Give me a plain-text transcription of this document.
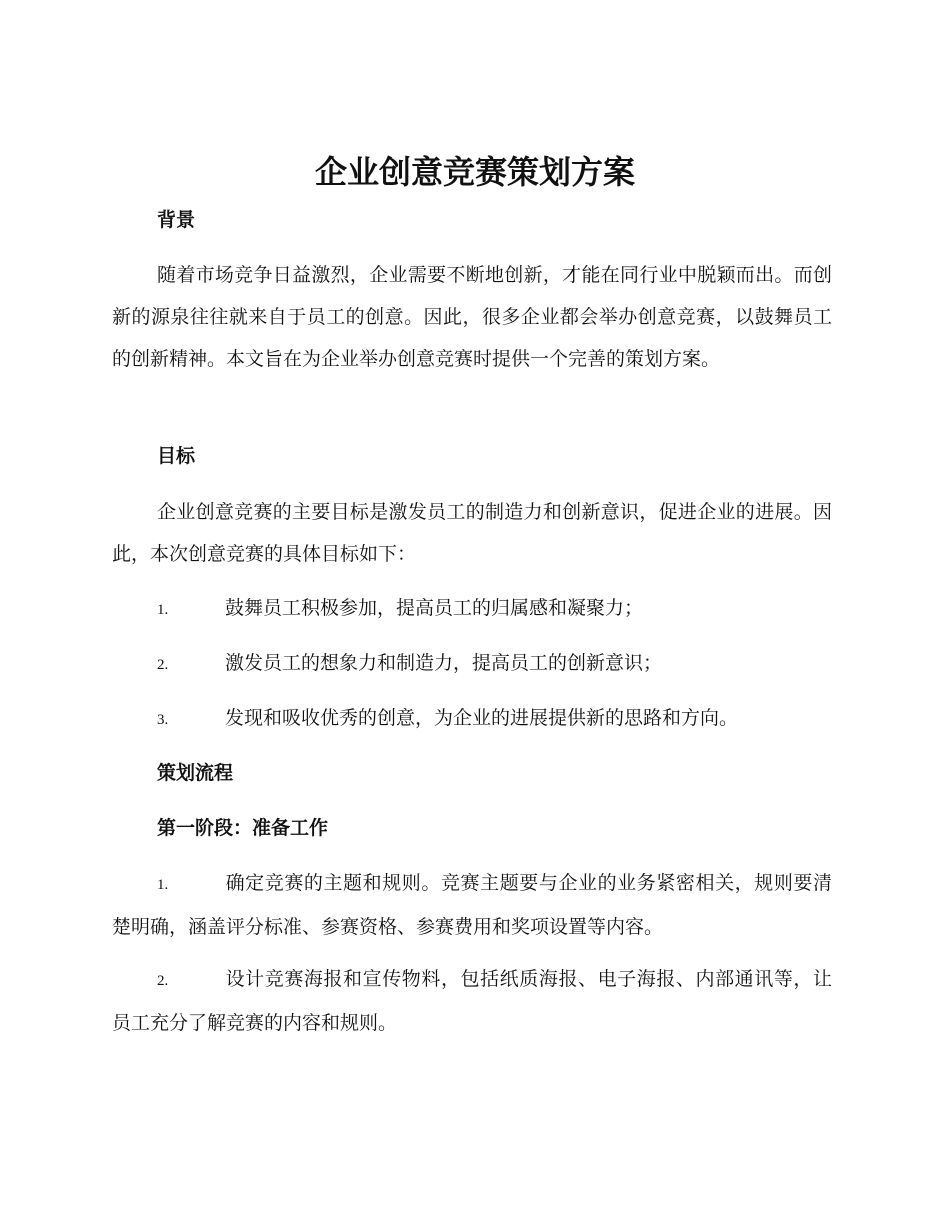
企业创意竞赛策划方案
背景

随着市场竞争日益激烈，企业需要不断地创新，才能在同行业中脱颖而出。而创新的源泉往往就来自于员工的创意。因此，很多企业都会举办创意竞赛，以鼓舞员工的创新精神。本文旨在为企业举办创意竞赛时提供一个完善的策划方案。

目标

企业创意竞赛的主要目标是激发员工的制造力和创新意识，促进企业的进展。因此，本次创意竞赛的具体目标如下：

1.	鼓舞员工积极参加，提高员工的归属感和凝聚力；

2.	激发员工的想象力和制造力，提高员工的创新意识；

3.	发现和吸收优秀的创意，为企业的进展提供新的思路和方向。

策划流程
第一阶段：准备工作

1.	确定竞赛的主题和规则。竞赛主题要与企业的业务紧密相关，规则要清楚明确，涵盖评分标准、参赛资格、参赛费用和奖项设置等内容。

2.	设计竞赛海报和宣传物料，包括纸质海报、电子海报、内部通讯等，让员工充分了解竞赛的内容和规则。
